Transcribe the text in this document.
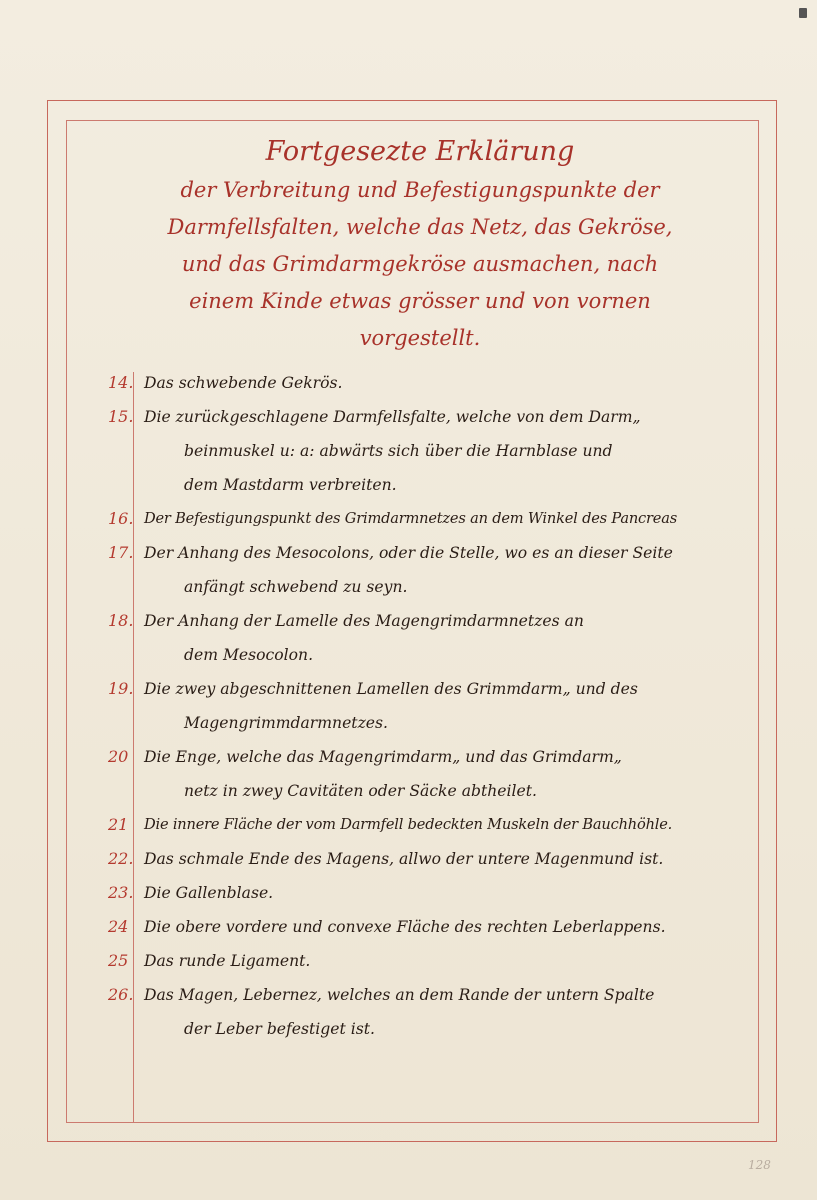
Fortgesezte Erklärung
der Verbreitung und Befestigungspunkte der
Darmfellsfalten, welche das Netz, das Gekröse,
und das Grimdarmgekröse ausmachen, nach
einem Kinde etwas grösser und von vornen
vorgestellt.
14. Das schwebende Gekrös.
15. Die zurückgeschlagene Darmfellsfalte, welche von dem Darm„
beinmuskel u: a: abwärts sich über die Harnblase und
dem Mastdarm verbreiten.
16. Der Befestigungspunkt des Grimdarmnetzes an dem Winkel des Pancreas
17. Der Anhang des Mesocolons, oder die Stelle, wo es an dieser Seite
anfängt schwebend zu seyn.
18. Der Anhang der Lamelle des Magengrimdarmnetzes an
dem Mesocolon.
19. Die zwey abgeschnittenen Lamellen des Grimmdarm„ und des
Magengrimmdarmnetzes.
20	Die Enge, welche das Magengrimdarm„ und das Grimdarm„
netz in zwey Cavitäten oder Säcke abtheilet.
21	Die innere Fläche der vom Darmfell bedeckten Muskeln der Bauchhöhle.
22. Das schmale Ende des Magens, allwo der untere Magenmund ist.
23. Die Gallenblase.
24	Die obere vordere und convexe Fläche des rechten Leberlappens.
25	Das runde Ligament.
26. Das Magen, Lebernez, welches an dem Rande der untern Spalte
der Leber befestiget ist.
128
